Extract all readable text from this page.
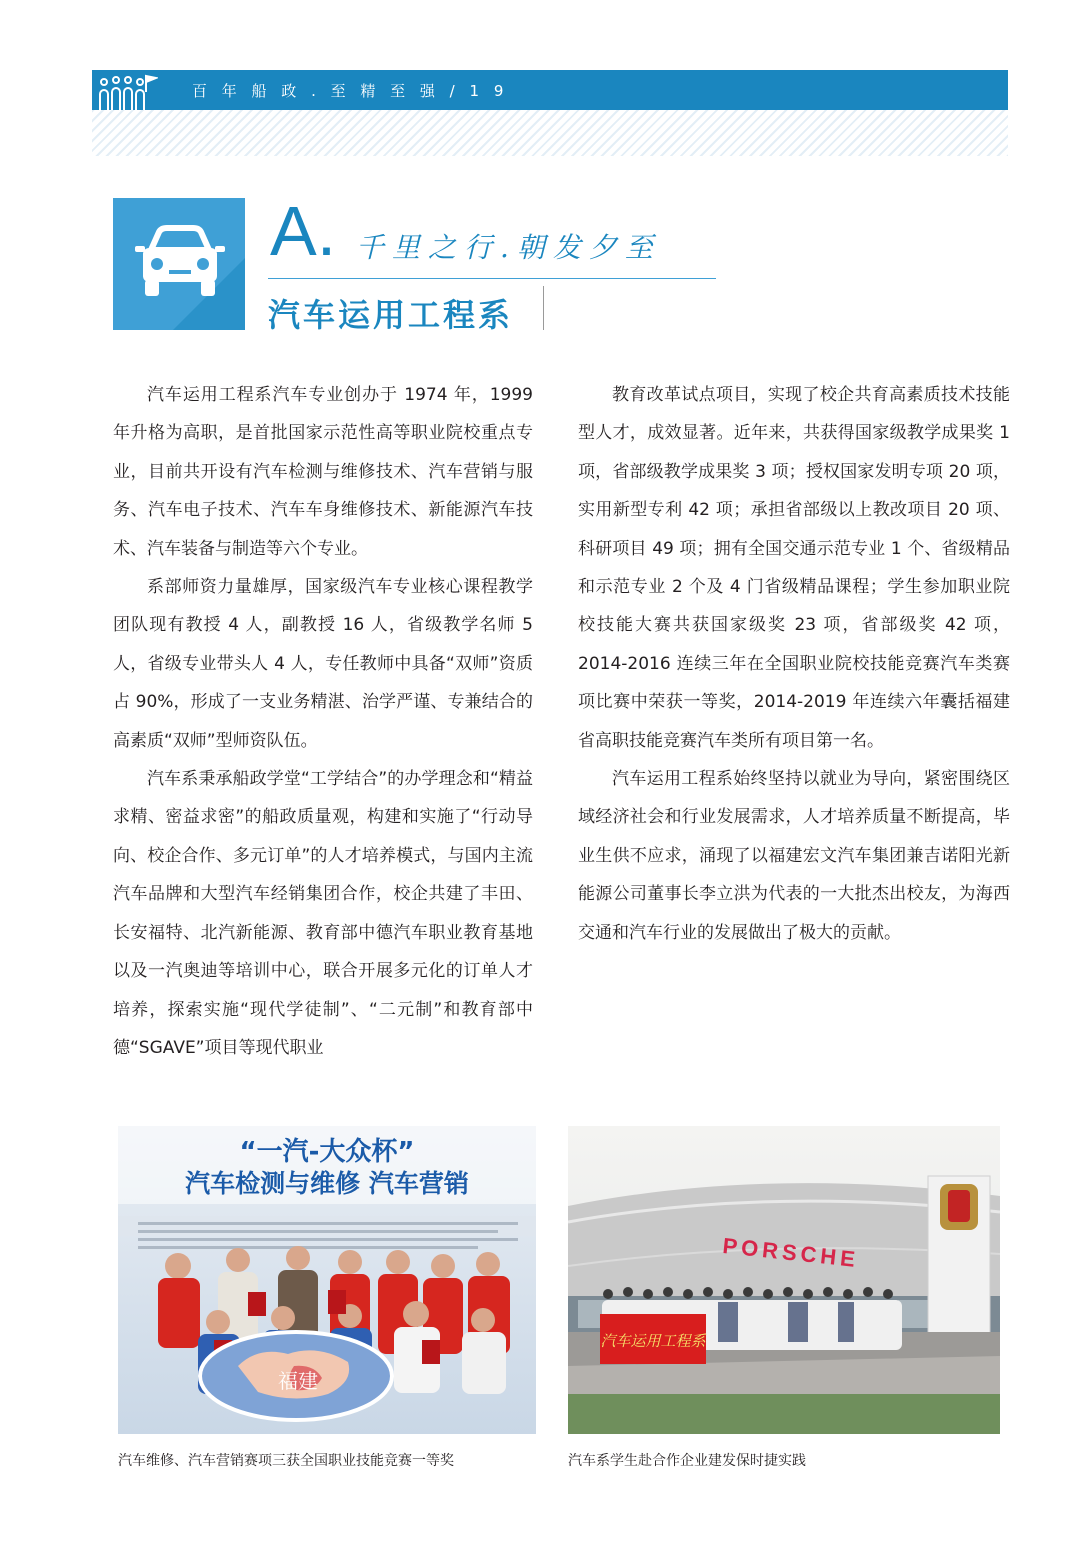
百 年 船 政 . 至 精 至 强 / 1 9
A. 千里之行.朝发夕至
汽车运用工程系

汽车运用工程系汽车专业创办于 1974 年，1999 年升格为高职，是首批国家示范性高等职业院校重点专业，目前共开设有汽车检测与维修技术、汽车营销与服务、汽车电子技术、汽车车身维修技术、新能源汽车技术、汽车装备与制造等六个专业。

系部师资力量雄厚，国家级汽车专业核心课程教学团队现有教授 4 人，副教授 16 人，省级教学名师 5 人，省级专业带头人 4 人，专任教师中具备“双师”资质占 90%，形成了一支业务精湛、治学严谨、专兼结合的高素质“双师”型师资队伍。

汽车系秉承船政学堂“工学结合”的办学理念和“精益求精、密益求密”的船政质量观，构建和实施了“行动导向、校企合作、多元订单”的人才培养模式，与国内主流汽车品牌和大型汽车经销集团合作，校企共建了丰田、长安福特、北汽新能源、教育部中德汽车职业教育基地以及一汽奥迪等培训中心，联合开展多元化的订单人才培养，探索实施“现代学徒制”、“二元制”和教育部中德“SGAVE”项目等现代职业

教育改革试点项目，实现了校企共育高素质技术技能型人才，成效显著。近年来，共获得国家级教学成果奖 1 项，省部级教学成果奖 3 项；授权国家发明专项 20 项，实用新型专利 42 项；承担省部级以上教改项目 20 项、科研项目 49 项；拥有全国交通示范专业 1 个、省级精品和示范专业 2 个及 4 门省级精品课程；学生参加职业院校技能大赛共获国家级奖 23 项，省部级奖 42 项，2014-2016 连续三年在全国职业院校技能竞赛汽车类赛项比赛中荣获一等奖，2014-2019 年连续六年囊括福建省高职技能竞赛汽车类所有项目第一名。

汽车运用工程系始终坚持以就业为导向，紧密围绕区域经济社会和行业发展需求，人才培养质量不断提高，毕业生供不应求，涌现了以福建宏文汽车集团兼吉诺阳光新能源公司董事长李立洪为代表的一大批杰出校友，为海西交通和汽车行业的发展做出了极大的贡献。

“一汽-大众杯”
汽车检测与维修 汽车营销
福建
汽车运用工程系
PORSCHE
汽车维修、汽车营销赛项三获全国职业技能竞赛一等奖	汽车系学生赴合作企业建发保时捷实践
